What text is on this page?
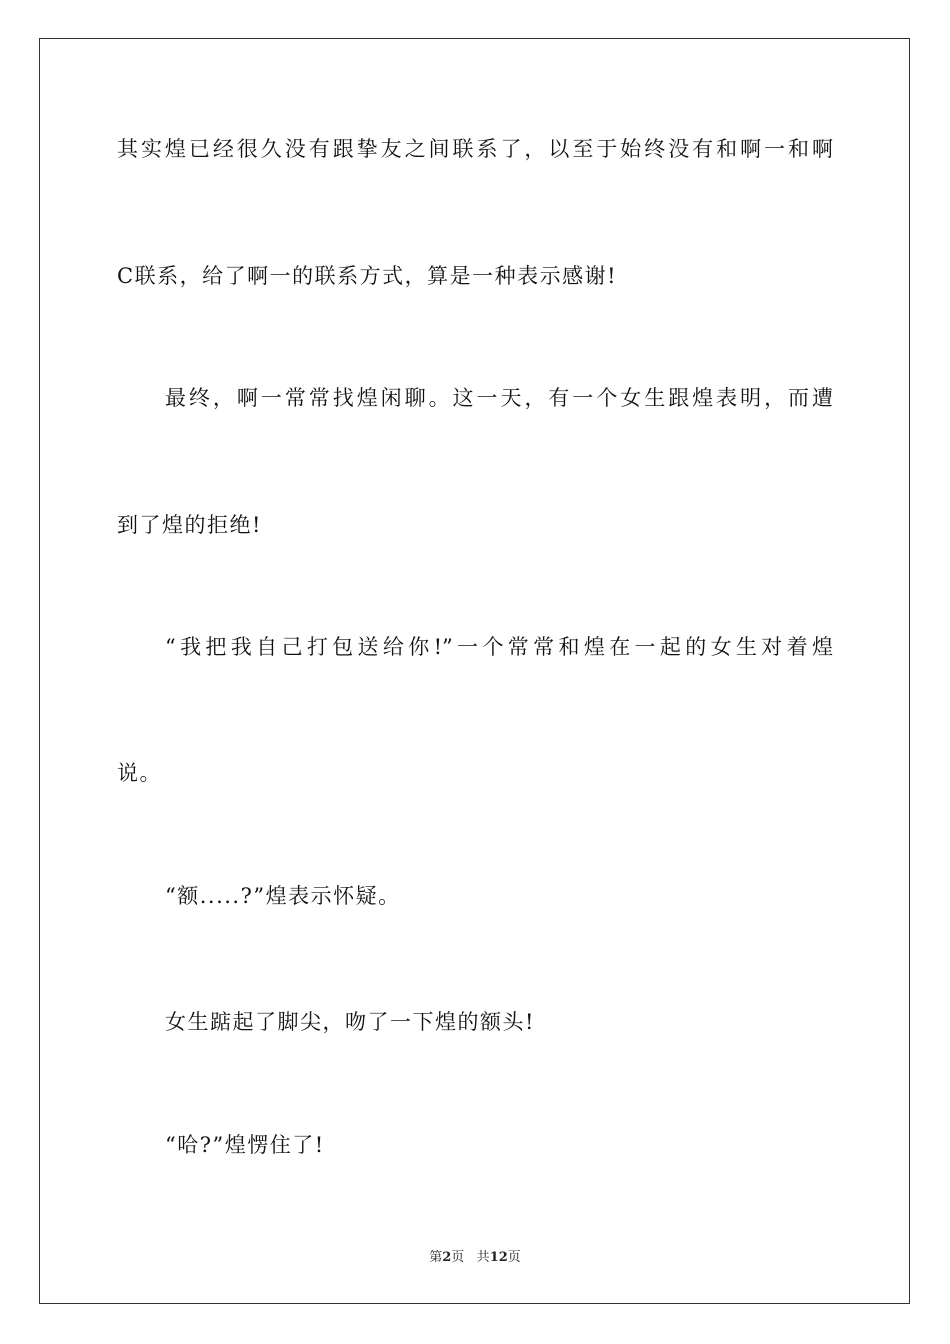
其实煌已经很久没有跟挚友之间联系了，以至于始终没有和啊一和啊
C联系，给了啊一的联系方式，算是一种表示感谢!
最终，啊一常常找煌闲聊。这一天，有一个女生跟煌表明，而遭
到了煌的拒绝!
“我把我自己打包送给你!”一个常常和煌在一起的女生对着煌
说。
“额.....?”煌表示怀疑。
女生踮起了脚尖，吻了一下煌的额头!
“哈?”煌愣住了!
第2页 共12页
